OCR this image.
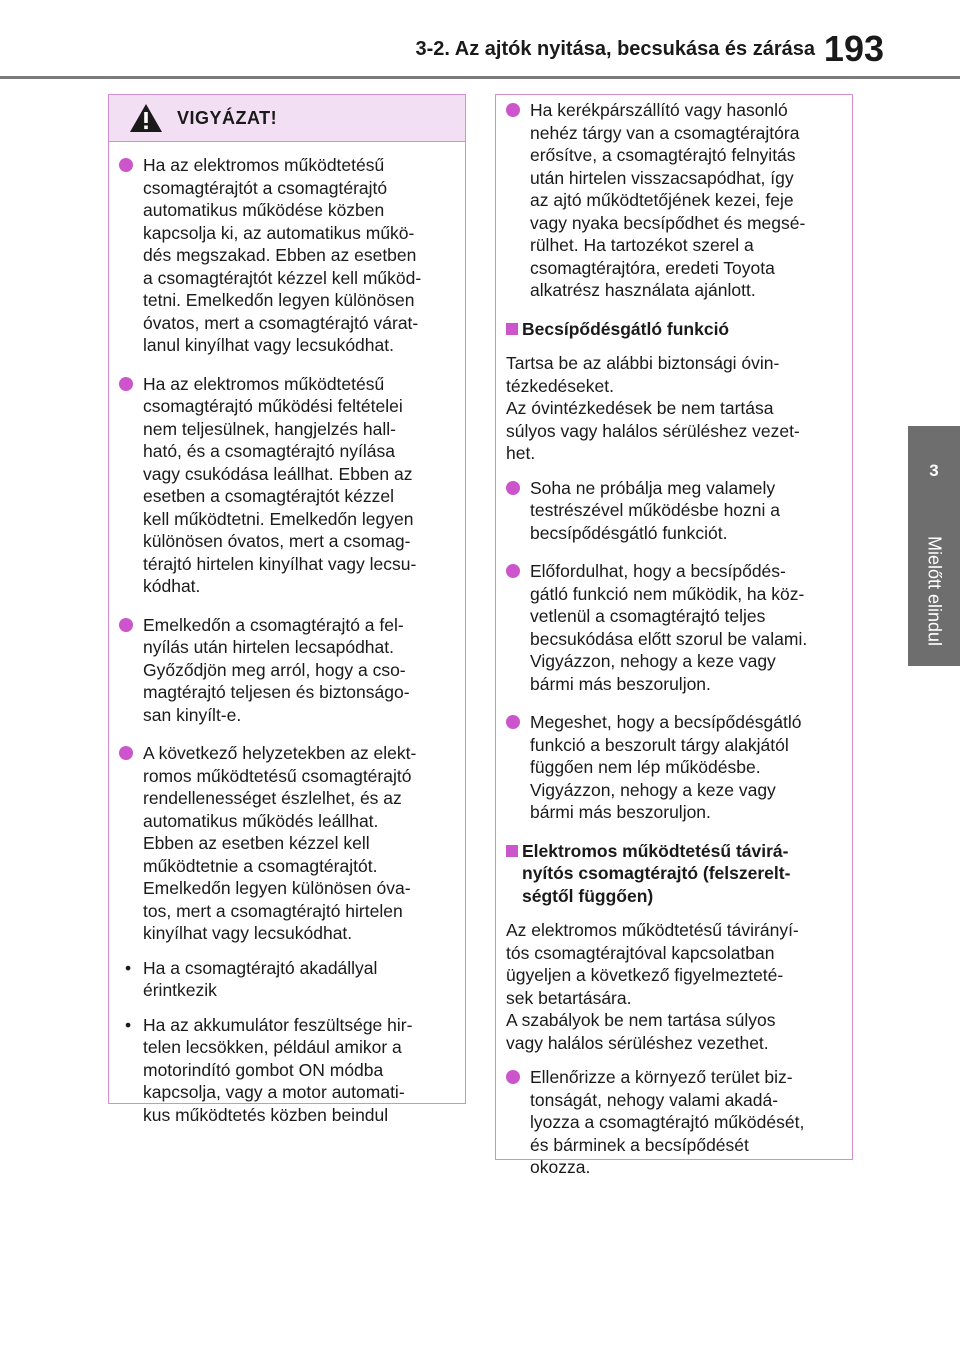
3-2. Az ajtók nyitása, becsukása és zárása 193
3
Mielőtt elindul
VIGYÁZAT!
Ha az elektromos működtetésű
csomagtérajtót a csomagtérajtó
automatikus működése közben
kapcsolja ki, az automatikus műkö-
dés megszakad. Ebben az esetben
a csomagtérajtót kézzel kell működ-
tetni. Emelkedőn legyen különösen
óvatos, mert a csomagtérajtó várat-
lanul kinyílhat vagy lecsukódhat.
Ha az elektromos működtetésű
csomagtérajtó működési feltételei
nem teljesülnek, hangjelzés hall-
ható, és a csomagtérajtó nyílása
vagy csukódása leállhat. Ebben az
esetben a csomagtérajtót kézzel
kell működtetni. Emelkedőn legyen
különösen óvatos, mert a csomag-
térajtó hirtelen kinyílhat vagy lecsu-
kódhat.
Emelkedőn a csomagtérajtó a fel-
nyílás után hirtelen lecsapódhat.
Győződjön meg arról, hogy a cso-
magtérajtó teljesen és biztonságo-
san kinyílt-e.
A következő helyzetekben az elekt-
romos működtetésű csomagtérajtó
rendellenességet észlelhet, és az
automatikus működés leállhat.
Ebben az esetben kézzel kell
működtetnie a csomagtérajtót.
Emelkedőn legyen különösen óva-
tos, mert a csomagtérajtó hirtelen
kinyílhat vagy lecsukódhat.
• Ha a csomagtérajtó akadállyal
érintkezik
• Ha az akkumulátor feszültsége hir-
telen lecsökken, például amikor a
motorindító gombot ON módba
kapcsolja, vagy a motor automati-
kus működtetés közben beindul
Ha kerékpárszállító vagy hasonló
nehéz tárgy van a csomagtérajtóra
erősítve, a csomagtérajtó felnyitás
után hirtelen visszacsapódhat, így
az ajtó működtetőjének kezei, feje
vagy nyaka becsípődhet és megsé-
rülhet. Ha tartozékot szerel a
csomagtérajtóra, eredeti Toyota
alkatrész használata ajánlott.
Becsípődésgátló funkció
Tartsa be az alábbi biztonsági óvin-
tézkedéseket.
Az óvintézkedések be nem tartása
súlyos vagy halálos sérüléshez vezet-
het.
Soha ne próbálja meg valamely
testrészével működésbe hozni a
becsípődésgátló funkciót.
Előfordulhat, hogy a becsípődés-
gátló funkció nem működik, ha köz-
vetlenül a csomagtérajtó teljes
becsukódása előtt szorul be valami.
Vigyázzon, nehogy a keze vagy
bármi más beszoruljon.
Megeshet, hogy a becsípődésgátló
funkció a beszorult tárgy alakjától
függően nem lép működésbe.
Vigyázzon, nehogy a keze vagy
bármi más beszoruljon.
Elektromos működtetésű távirá-
nyítós csomagtérajtó (felszerelt-
ségtől függően)
Az elektromos működtetésű távirányí-
tós csomagtérajtóval kapcsolatban
ügyeljen a következő figyelmezteté-
sek betartására.
A szabályok be nem tartása súlyos
vagy halálos sérüléshez vezethet.
Ellenőrizze a környező terület biz-
tonságát, nehogy valami akadá-
lyozza a csomagtérajtó működését,
és bárminek a becsípődését
okozza.
